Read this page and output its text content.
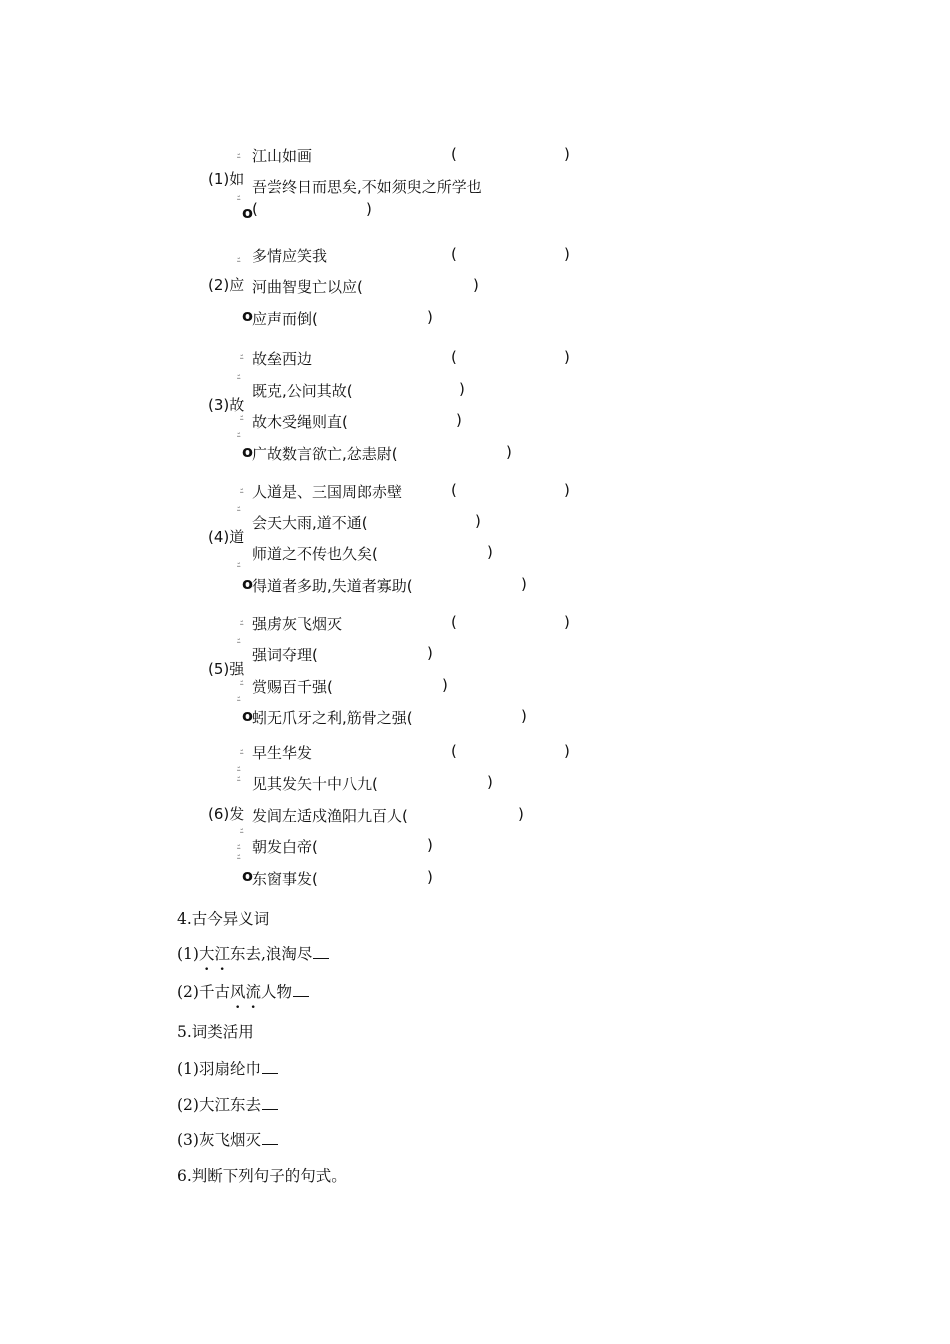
ﾆ
ﾆ
o
(1)如
江山如画	(	)
吾尝终日而思矣,不如须臾之所学也
(	)
ﾆ
o
(2)应
多情应笑我	(	)
河曲智叟亡以应(	)
应声而倒(	)
ﾆ
ﾆ
ﾆ
ﾆ
o
(3)故
故垒西边	(	)
既克,公问其故(	)
故木受绳则直(	)
广故数言欲亡,忿恚尉(	)
ﾆ
ﾆ
ﾆ
o
(4)道
人道是、三国周郎赤壁	(	)
会天大雨,道不通(	)
师道之不传也久矣(	)
得道者多助,失道者寡助(	)
ﾆ
ﾆ
ﾆ
ﾆ
o
(5)强
强虏灰飞烟灭	(	)
强词夺理(	)
赏赐百千强(	)
蚓无爪牙之利,筋骨之强(	)
ﾆ
ﾆ
ﾆ
ﾆ
ﾆ
ﾆ
o
(6)发
早生华发	(	)
见其发矢十中八九(	)
发闾左适戍渔阳九百人(	)
朝发白帝(	)
东窗事发(	)
4.古今异义词
(1)大江东去,浪淘尽
(2)千古风流人物
5.词类活用
(1)羽扇纶巾
(2)大江东去
(3)灰飞烟灭
6.判断下列句子的句式。
